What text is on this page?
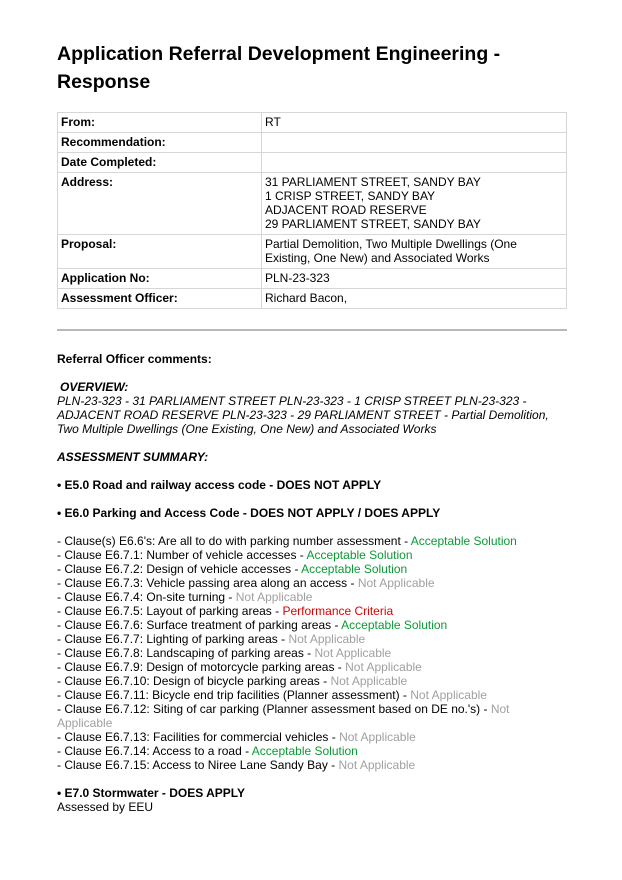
Application Referral Development Engineering - Response
From:	RT
Recommendation:	
Date Completed:	
Address:	31 PARLIAMENT STREET, SANDY BAY
1 CRISP STREET, SANDY BAY
ADJACENT ROAD RESERVE
29 PARLIAMENT STREET, SANDY BAY

Proposal:	Partial Demolition, Two Multiple Dwellings (One Existing, One New) and Associated Works
Application No:	PLN-23-323
Assessment Officer:	Richard Bacon,
Referral Officer comments:
OVERVIEW:
PLN-23-323 - 31 PARLIAMENT STREET PLN-23-323 - 1 CRISP STREET PLN-23-323 - ADJACENT ROAD RESERVE PLN-23-323 - 29 PARLIAMENT STREET - Partial Demolition, Two Multiple Dwellings (One Existing, One New) and Associated Works
ASSESSMENT SUMMARY:
• E5.0 Road and railway access code - DOES NOT APPLY
• E6.0 Parking and Access Code - DOES NOT APPLY / DOES APPLY
- Clause(s) E6.6's: Are all to do with parking number assessment - Acceptable Solution
- Clause E6.7.1: Number of vehicle accesses - Acceptable Solution
- Clause E6.7.2: Design of vehicle accesses - Acceptable Solution
- Clause E6.7.3: Vehicle passing area along an access - Not Applicable
- Clause E6.7.4: On-site turning - Not Applicable
- Clause E6.7.5: Layout of parking areas - Performance Criteria
- Clause E6.7.6: Surface treatment of parking areas - Acceptable Solution
- Clause E6.7.7: Lighting of parking areas - Not Applicable
- Clause E6.7.8: Landscaping of parking areas - Not Applicable
- Clause E6.7.9: Design of motorcycle parking areas - Not Applicable
- Clause E6.7.10: Design of bicycle parking areas - Not Applicable
- Clause E6.7.11: Bicycle end trip facilities (Planner assessment) - Not Applicable
- Clause E6.7.12: Siting of car parking (Planner assessment based on DE no.'s) - Not Applicable
- Clause E6.7.13: Facilities for commercial vehicles - Not Applicable
- Clause E6.7.14: Access to a road - Acceptable Solution
- Clause E6.7.15: Access to Niree Lane Sandy Bay - Not Applicable
• E7.0 Stormwater - DOES APPLY
Assessed by EEU
